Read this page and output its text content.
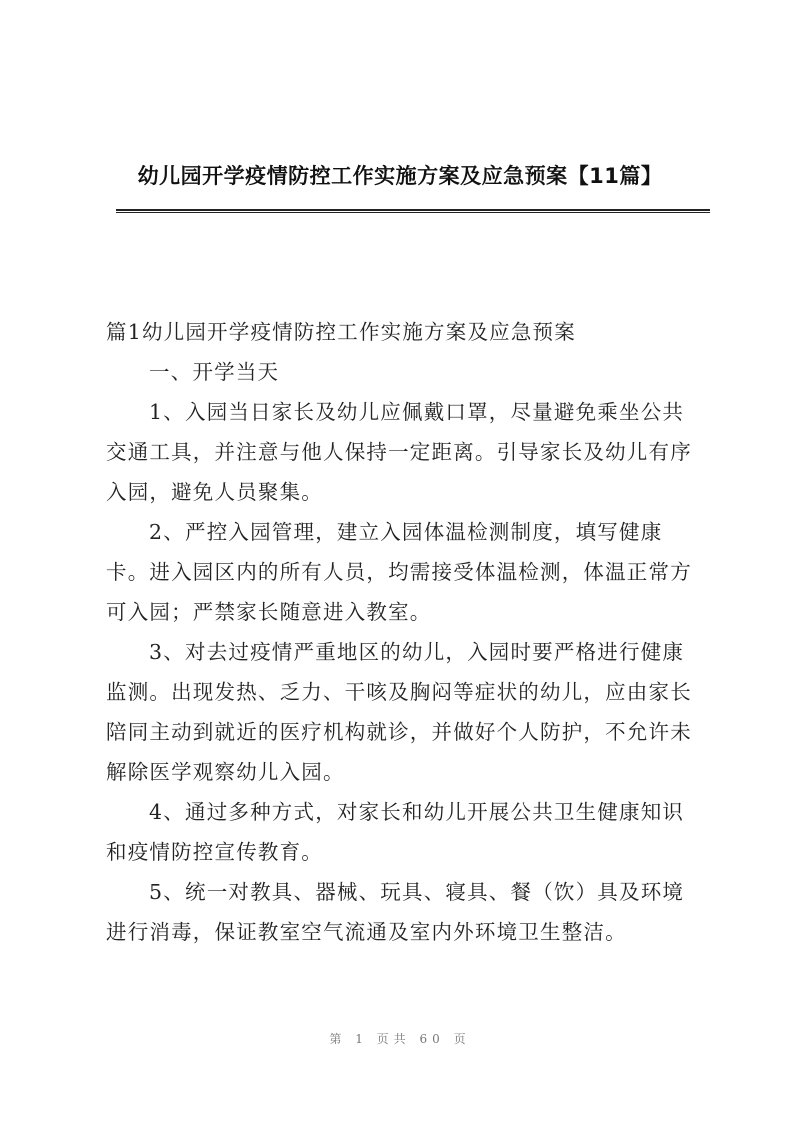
幼儿园开学疫情防控工作实施方案及应急预案【11篇】

篇1幼儿园开学疫情防控工作实施方案及应急预案

一、开学当天

1、入园当日家长及幼儿应佩戴口罩，尽量避免乘坐公共交通工具，并注意与他人保持一定距离。引导家长及幼儿有序入园，避免人员聚集。

2、严控入园管理，建立入园体温检测制度，填写健康卡。进入园区内的所有人员，均需接受体温检测，体温正常方可入园；严禁家长随意进入教室。

3、对去过疫情严重地区的幼儿，入园时要严格进行健康监测。出现发热、乏力、干咳及胸闷等症状的幼儿，应由家长陪同主动到就近的医疗机构就诊，并做好个人防护，不允许未解除医学观察幼儿入园。

4、通过多种方式，对家长和幼儿开展公共卫生健康知识和疫情防控宣传教育。

5、统一对教具、器械、玩具、寝具、餐（饮）具及环境进行消毒，保证教室空气流通及室内外环境卫生整洁。

第 1 页共 60 页
